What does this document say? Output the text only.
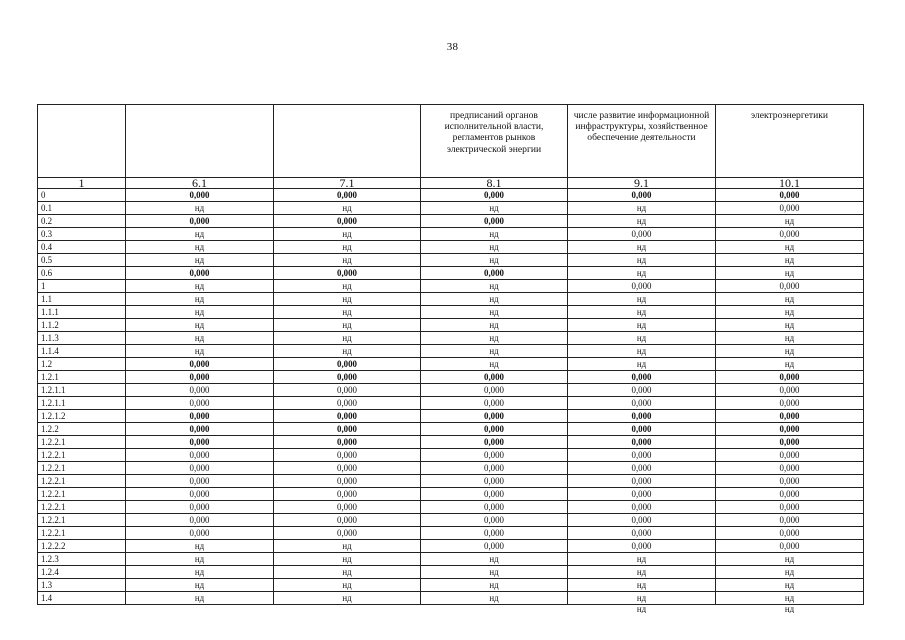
38
			предписаний органов исполнительной власти, регламентов рынков электрической энергии	числе развитие информационной инфраструктуры, хозяйственное обеспечение деятельности	электроэнергетики
1	6.1	7.1	8.1	9.1	10.1
0	0,000	0,000	0,000	0,000	0,000
0.1	нд	нд	нд	нд	0,000
0.2	0,000	0,000	0,000	нд	нд
0.3	нд	нд	нд	0,000	0,000
0.4	нд	нд	нд	нд	нд
0.5	нд	нд	нд	нд	нд
0.6	0,000	0,000	0,000	нд	нд
1	нд	нд	нд	0,000	0,000
1.1	нд	нд	нд	нд	нд
1.1.1	нд	нд	нд	нд	нд
1.1.2	нд	нд	нд	нд	нд
1.1.3	нд	нд	нд	нд	нд
1.1.4	нд	нд	нд	нд	нд
1.2	0,000	0,000	нд	нд	нд
1.2.1	0,000	0,000	0,000	0,000	0,000
1.2.1.1	0,000	0,000	0,000	0,000	0,000
1.2.1.1	0,000	0,000	0,000	0,000	0,000
1.2.1.2	0,000	0,000	0,000	0,000	0,000
1.2.2	0,000	0,000	0,000	0,000	0,000
1.2.2.1	0,000	0,000	0,000	0,000	0,000
1.2.2.1	0,000	0,000	0,000	0,000	0,000
1.2.2.1	0,000	0,000	0,000	0,000	0,000
1.2.2.1	0,000	0,000	0,000	0,000	0,000
1.2.2.1	0,000	0,000	0,000	0,000	0,000
1.2.2.1	0,000	0,000	0,000	0,000	0,000
1.2.2.1	0,000	0,000	0,000	0,000	0,000
1.2.2.1	0,000	0,000	0,000	0,000	0,000
1.2.2.2	нд	нд	0,000	0,000	0,000
1.2.3	нд	нд	нд	нд	нд
1.2.4	нд	нд	нд	нд	нд
1.3	нд	нд	нд	нд	нд
1.4	нд	нд	нд	нд	нд
				нд	нд
